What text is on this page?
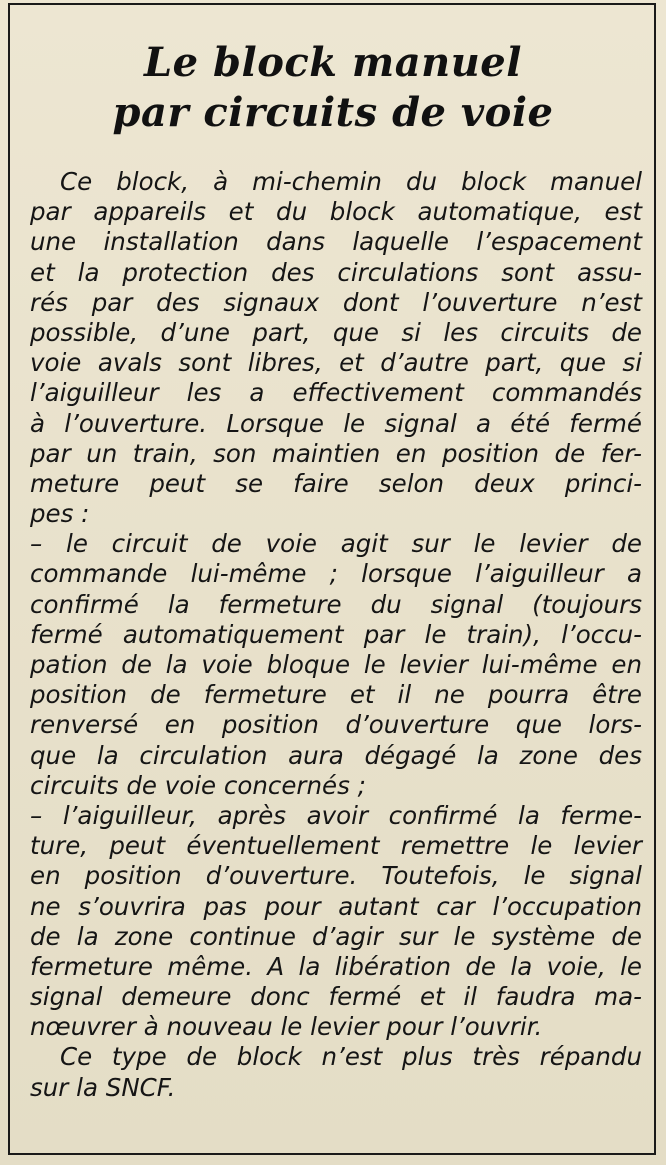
Le block manuel
par circuits de voie
Ce block, à mi-chemin du block manuel
par appareils et du block automatique, est
une installation dans laquelle l’espacement
et la protection des circulations sont assu-
rés par des signaux dont l’ouverture n’est
possible, d’une part, que si les circuits de
voie avals sont libres, et d’autre part, que si
l’aiguilleur les a effectivement commandés
à l’ouverture. Lorsque le signal a été fermé
par un train, son maintien en position de fer-
meture peut se faire selon deux princi-
pes :
– le circuit de voie agit sur le levier de
commande lui-même ; lorsque l’aiguilleur a
confirmé la fermeture du signal (toujours
fermé automatiquement par le train), l’occu-
pation de la voie bloque le levier lui-même en
position de fermeture et il ne pourra être
renversé en position d’ouverture que lors-
que la circulation aura dégagé la zone des
circuits de voie concernés ;
– l’aiguilleur, après avoir confirmé la ferme-
ture, peut éventuellement remettre le levier
en position d’ouverture. Toutefois, le signal
ne s’ouvrira pas pour autant car l’occupation
de la zone continue d’agir sur le système de
fermeture même. A la libération de la voie, le
signal demeure donc fermé et il faudra ma-
nœuvrer à nouveau le levier pour l’ouvrir.
Ce type de block n’est plus très répandu
sur la SNCF.
